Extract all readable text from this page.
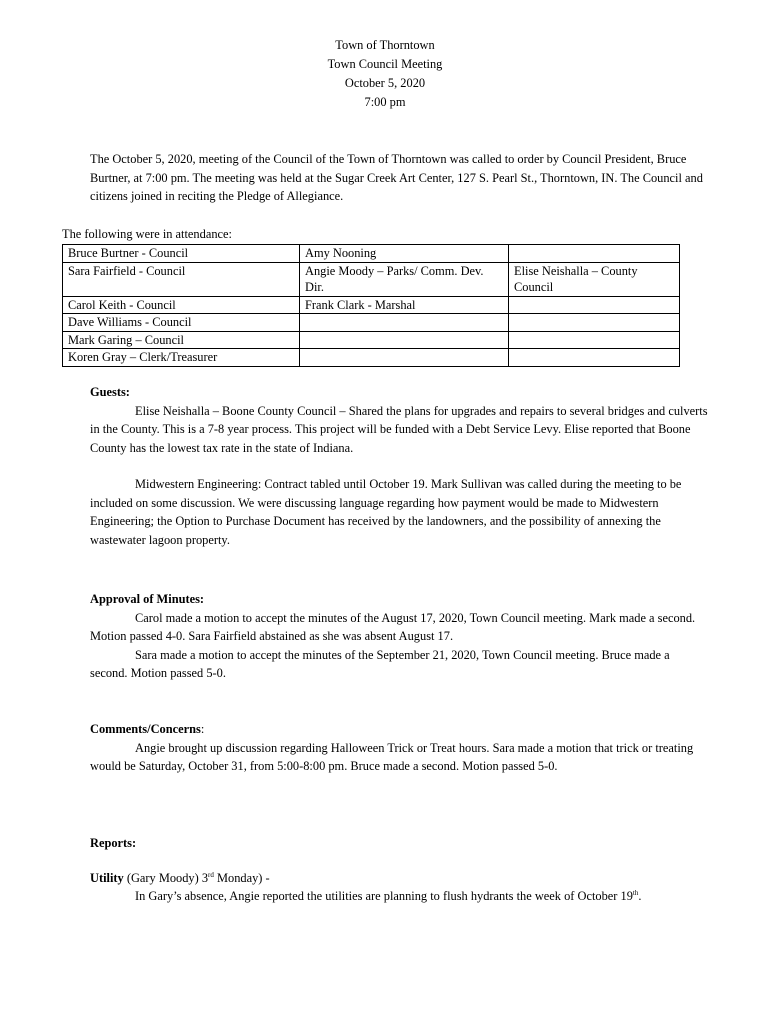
Town of Thorntown
Town Council Meeting
October 5, 2020
7:00 pm

The October 5, 2020, meeting of the Council of the Town of Thorntown was called to order by Council President, Bruce Burtner, at 7:00 pm. The meeting was held at the Sugar Creek Art Center, 127 S. Pearl St., Thorntown, IN. The Council and citizens joined in reciting the Pledge of Allegiance.

The following were in attendance:
Bruce Burtner - Council	Amy Nooning	
Sara Fairfield - Council	Angie Moody – Parks/ Comm. Dev. Dir.	Elise Neishalla – County Council
Carol Keith - Council	Frank Clark - Marshal	
Dave Williams - Council		
Mark Garing – Council		
Koren Gray – Clerk/Treasurer		
Guests:

Elise Neishalla – Boone County Council – Shared the plans for upgrades and repairs to several bridges and culverts in the County. This is a 7-8 year process. This project will be funded with a Debt Service Levy. Elise reported that Boone County has the lowest tax rate in the state of Indiana.

Midwestern Engineering: Contract tabled until October 19. Mark Sullivan was called during the meeting to be included on some discussion. We were discussing language regarding how payment would be made to Midwestern Engineering; the Option to Purchase Document has received by the landowners, and the possibility of annexing the wastewater lagoon property.

Approval of Minutes:

Carol made a motion to accept the minutes of the August 17, 2020, Town Council meeting. Mark made a second. Motion passed 4-0. Sara Fairfield abstained as she was absent August 17.

Sara made a motion to accept the minutes of the September 21, 2020, Town Council meeting. Bruce made a second. Motion passed 5-0.

Comments/Concerns:

Angie brought up discussion regarding Halloween Trick or Treat hours. Sara made a motion that trick or treating would be Saturday, October 31, from 5:00-8:00 pm. Bruce made a second. Motion passed 5-0.

Reports:
Utility (Gary Moody) 3rd Monday) -

In Gary’s absence, Angie reported the utilities are planning to flush hydrants the week of October 19th.
